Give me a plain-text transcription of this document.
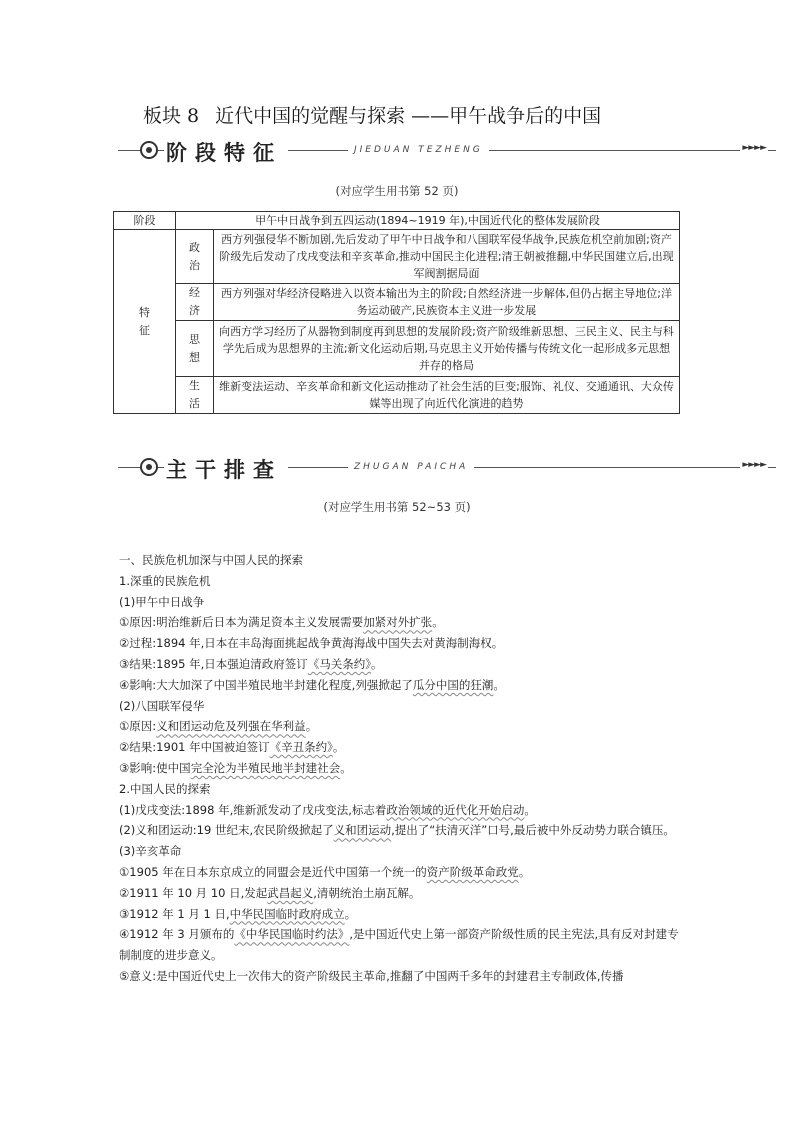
板块 8 近代中国的觉醒与探索 ——甲午战争后的中国
阶段特征	JIEDUAN TEZHENG	►►►►
(对应学生用书第 52 页)
阶段	甲午中日战争到五四运动(1894~1919 年),中国近代化的整体发展阶段	
特征	政治	西方列强侵华不断加剧,先后发动了甲午中日战争和八国联军侵华战争,民族危机空前加剧;资产阶级先后发动了戊戌变法和辛亥革命,推动中国民主化进程;清王朝被推翻,中华民国建立后,出现军阀割据局面
	经济	西方列强对华经济侵略进入以资本输出为主的阶段;自然经济进一步解体,但仍占据主导地位;洋务运动破产,民族资本主义进一步发展
	思想	向西方学习经历了从器物到制度再到思想的发展阶段;资产阶级维新思想、三民主义、民主与科学先后成为思想界的主流;新文化运动后期,马克思主义开始传播与传统文化一起形成多元思想并存的格局
	生活	维新变法运动、辛亥革命和新文化运动推动了社会生活的巨变;服饰、礼仪、交通通讯、大众传媒等出现了向近代化演进的趋势
主干排查	ZHUGAN PAICHA	►►►►
(对应学生用书第 52~53 页)

一、民族危机加深与中国人民的探索

1.深重的民族危机

(1)甲午中日战争

①原因:明治维新后日本为满足资本主义发展需要加紧对外扩张。

②过程:1894 年,日本在丰岛海面挑起战争黄海海战中国失去对黄海制海权。

③结果:1895 年,日本强迫清政府签订《马关条约》。

④影响:大大加深了中国半殖民地半封建化程度,列强掀起了瓜分中国的狂潮。

(2)八国联军侵华

①原因:义和团运动危及列强在华利益。

②结果:1901 年中国被迫签订《辛丑条约》。

③影响:使中国完全沦为半殖民地半封建社会。

2.中国人民的探索

(1)戊戌变法:1898 年,维新派发动了戊戌变法,标志着政治领域的近代化开始启动。

(2)义和团运动:19 世纪末,农民阶级掀起了义和团运动,提出了“扶清灭洋”口号,最后被中外反动势力联合镇压。

(3)辛亥革命

①1905 年在日本东京成立的同盟会是近代中国第一个统一的资产阶级革命政党。

②1911 年 10 月 10 日,发起武昌起义,清朝统治土崩瓦解。

③1912 年 1 月 1 日,中华民国临时政府成立。

④1912 年 3 月颁布的《中华民国临时约法》,是中国近代史上第一部资产阶级性质的民主宪法,具有反对封建专制制度的进步意义。

⑤意义:是中国近代史上一次伟大的资产阶级民主革命,推翻了中国两千多年的封建君主专制政体,传播
